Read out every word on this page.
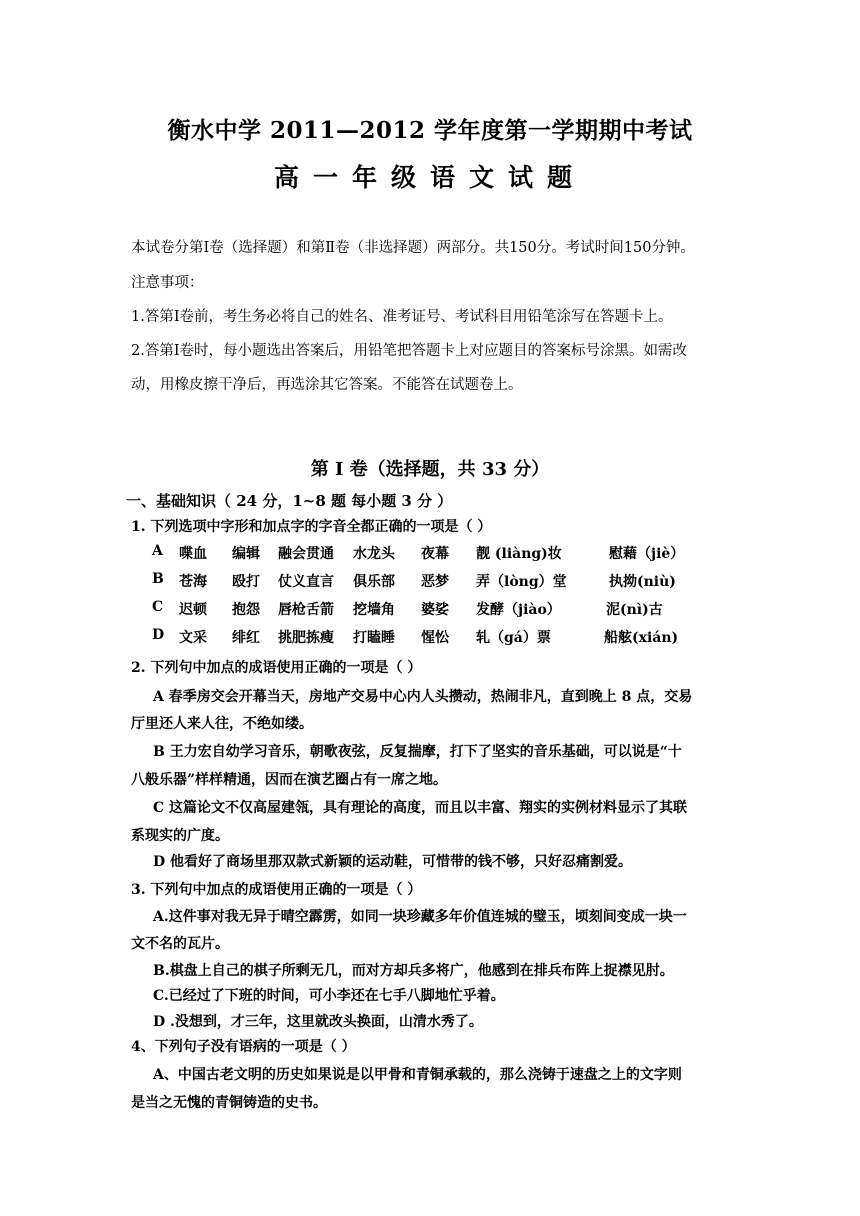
衡水中学 2011—2012 学年度第一学期期中考试
高一年级语文试题
本试卷分第Ⅰ卷（选择题）和第Ⅱ卷（非选择题）两部分。共150分。考试时间150分钟。
注意事项：
1.答第Ⅰ卷前，考生务必将自己的姓名、准考证号、考试科目用铅笔涂写在答题卡上。
2.答第Ⅰ卷时，每小题选出答案后，用铅笔把答题卡上对应题目的答案标号涂黑。如需改
动，用橡皮擦干净后，再选涂其它答案。不能答在试题卷上。
第 I 卷（选择题，共 33 分）
一、基础知识（ 24 分，1~8 题 每小题 3 分 ）
1. 下列选项中字形和加点字的字音全都正确的一项是（ ）
A 喋血 编辑 融会贯通 水龙头 夜幕 靓 (liàng)妆	慰藉（jiè）
B 苍海 殴打 仗义直言 俱乐部 恶梦 弄（lòng）堂	执拗(niù)
C 迟顿 抱怨 唇枪舌箭 挖墙角 婆娑 发酵（jiào）	泥(nì)古
D 文采 绯红 挑肥拣瘦 打瞌睡 惺忪 轧（gá）票	船舷(xián)
2. 下列句中加点的成语使用正确的一项是（ ）
A 春季房交会开幕当天，房地产交易中心内人头攒动，热闹非凡，直到晚上 8 点，交易
厅里还人来人往，不绝如缕。
B 王力宏自幼学习音乐，朝歌夜弦，反复揣摩，打下了坚实的音乐基础，可以说是“十
八般乐器”样样精通，因而在演艺圈占有一席之地。
C 这篇论文不仅高屋建瓴，具有理论的高度，而且以丰富、翔实的实例材料显示了其联
系现实的广度。
D 他看好了商场里那双款式新颖的运动鞋，可惜带的钱不够，只好忍痛割爱。
3. 下列句中加点的成语使用正确的一项是（ ）
A.这件事对我无异于晴空霹雳，如同一块珍藏多年价值连城的璧玉，顷刻间变成一块一
文不名的瓦片。
B.棋盘上自己的棋子所剩无几，而对方却兵多将广，他感到在排兵布阵上捉襟见肘。
C.已经过了下班的时间，可小李还在七手八脚地忙乎着。
D .没想到，才三年，这里就改头换面，山清水秀了。
4、下列句子没有语病的一项是（ ）
A、中国古老文明的历史如果说是以甲骨和青铜承载的，那么浇铸于速盘之上的文字则
是当之无愧的青铜铸造的史书。
